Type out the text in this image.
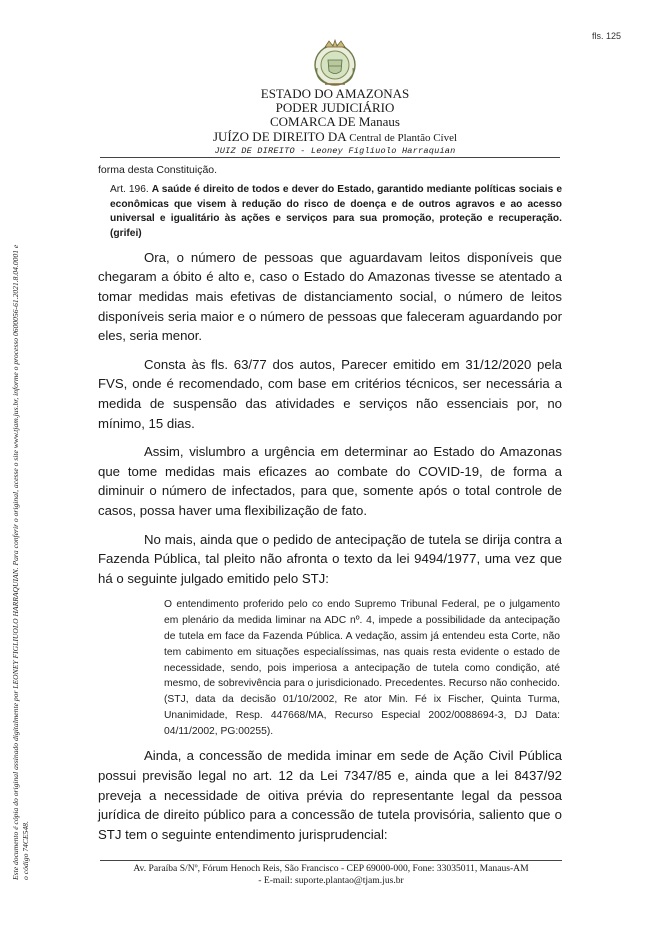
fls. 125
Este documento é cópia do original assinado digitalmente por LEONEY FIGLIUOLO HARRAQUIAN. Para conferir o original, acesse o site www.tjam.jus.br, informe o processo 0600056-61.2021.8.04.0001 e o código 74CE548.
ESTADO DO AMAZONAS
PODER JUDICIÁRIO
COMARCA DE Manaus
JUÍZO DE DIREITO DA Central de Plantão Cível
JUIZ DE DIREITO - Leoney Figliuolo Harraquian

forma desta Constituição.

Art. 196. A saúde é direito de todos e dever do Estado, garantido mediante políticas sociais e econômicas que visem à redução do risco de doença e de outros agravos e ao acesso universal e igualitário às ações e serviços para sua promoção, proteção e recuperação.(grifei)

Ora, o número de pessoas que aguardavam leitos disponíveis que chegaram a óbito é alto e, caso o Estado do Amazonas tivesse se atentado a tomar medidas mais efetivas de distanciamento social, o número de leitos disponíveis seria maior e o número de pessoas que faleceram aguardando por eles, seria menor.

Consta às fls. 63/77 dos autos, Parecer emitido em 31/12/2020 pela FVS, onde é recomendado, com base em critérios técnicos, ser necessária a medida de suspensão das atividades e serviços não essenciais por, no mínimo, 15 dias.

Assim, vislumbro a urgência em determinar ao Estado do Amazonas que tome medidas mais eficazes ao combate do COVID-19, de forma a diminuir o número de infectados, para que, somente após o total controle de casos, possa haver uma flexibilização de fato.

No mais, ainda que o pedido de antecipação de tutela se dirija contra a Fazenda Pública, tal pleito não afronta o texto da lei 9494/1977, uma vez que há o seguinte julgado emitido pelo STJ:

O entendimento proferido pelo co endo Supremo Tribunal Federal, pe o julgamento em plenário da medida liminar na ADC nº. 4, impede a possibilidade da antecipação de tutela em face da Fazenda Pública. A vedação, assim já entendeu esta Corte, não tem cabimento em situações especialíssimas, nas quais resta evidente o estado de necessidade, sendo, pois imperiosa a antecipação de tutela como condição, até mesmo, de sobrevivência para o jurisdicionado. Precedentes. Recurso não conhecido. (STJ, data da decisão 01/10/2002, Re ator Min. Fé ix Fischer, Quinta Turma, Unanimidade, Resp. 447668/MA, Recurso Especial 2002/0088694-3, DJ Data: 04/11/2002, PG:00255).

Ainda, a concessão de medida iminar em sede de Ação Civil Pública possui previsão legal no art. 12 da Lei 7347/85 e, ainda que a lei 8437/92 preveja a necessidade de oitiva prévia do representante legal da pessoa jurídica de direito público para a concessão de tutela provisória, saliento que o STJ tem o seguinte entendimento jurisprudencial:

Av. Paraíba S/Nº, Fórum Henoch Reis, São Francisco - CEP 69000-000, Fone: 33035011, Manaus-AM
- E-mail: suporte.plantao@tjam.jus.br
